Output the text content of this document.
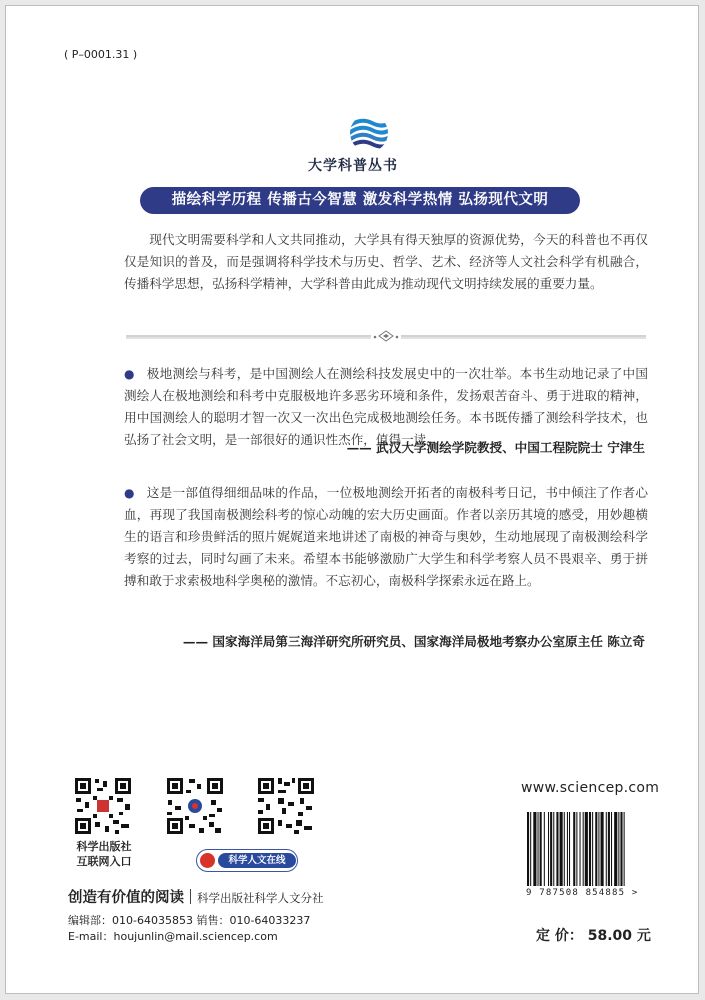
( P–0001.31 )
大学科普丛书
描绘科学历程 传播古今智慧 激发科学热情 弘扬现代文明
现代文明需要科学和人文共同推动，大学具有得天独厚的资源优势，今天的科普也不再仅仅是知识的普及，而是强调将科学技术与历史、哲学、艺术、经济等人文社会科学有机融合，传播科学思想，弘扬科学精神，大学科普由此成为推动现代文明持续发展的重要力量。
● 极地测绘与科考，是中国测绘人在测绘科技发展史中的一次壮举。本书生动地记录了中国测绘人在极地测绘和科考中克服极地许多恶劣环境和条件，发扬艰苦奋斗、勇于进取的精神，用中国测绘人的聪明才智一次又一次出色完成极地测绘任务。本书既传播了测绘科学技术，也弘扬了社会文明，是一部很好的通识性杰作，值得一读。
—— 武汉大学测绘学院教授、中国工程院院士 宁津生
● 这是一部值得细细品味的作品，一位极地测绘开拓者的南极科考日记，书中倾注了作者心血，再现了我国南极测绘科考的惊心动魄的宏大历史画面。作者以亲历其境的感受，用妙趣横生的语言和珍贵鲜活的照片娓娓道来地讲述了南极的神奇与奥妙，生动地展现了南极测绘科学考察的过去，同时勾画了未来。希望本书能够激励广大学生和科学考察人员不畏艰辛、勇于拼搏和敢于求索极地科学奥秘的激情。不忘初心，南极科学探索永远在路上。
—— 国家海洋局第三海洋研究所研究员、国家海洋局极地考察办公室原主任 陈立奇
科学出版社
互联网入口	科学人文在线
创造有价值的阅读 科学出版社科学人文分社
编辑部：010-64035853 销售：010-64033237
E-mail：houjunlin@mail.sciencep.com
www.sciencep.com
9 787508 854885 >
定 价： 58.00 元
